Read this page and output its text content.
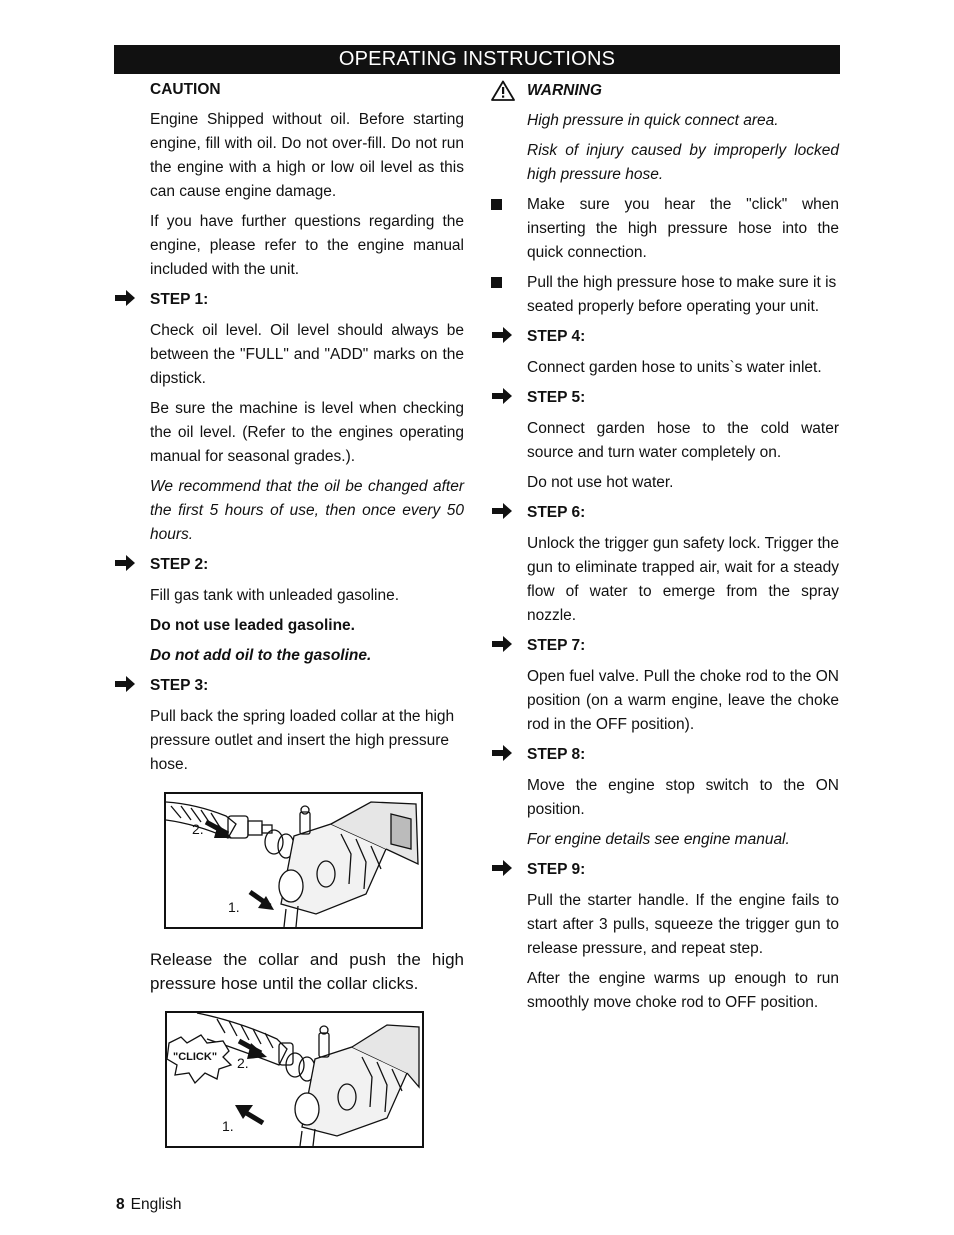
OPERATING INSTRUCTIONS

CAUTION

Engine Shipped without oil. Before starting engine, fill with oil. Do not over-fill. Do not run the engine with a high or low oil level as this can cause engine damage.

If you have further questions regarding the engine, please refer to the engine manual included with the unit.

STEP 1:

Check oil level. Oil level should always be between the "FULL" and "ADD" marks on the dipstick.

Be sure the machine is level when checking the oil level. (Refer to the engines operating manual for seasonal grades.).

We recommend that the oil be changed after the first 5 hours of use, then once every 50 hours.

STEP 2:

Fill gas tank with unleaded gasoline.

Do not use leaded gasoline.

Do not add oil to the gasoline.

STEP 3:

Pull back the spring loaded collar at the high pressure outlet and insert the high pressure hose.

2.
1.
Release the collar and push the high pressure hose until the collar clicks.
"CLICK" 2.
1.
WARNING

High pressure in quick connect area.

Risk of injury caused by improperly locked high pressure hose.

Make sure you hear the "click" when inserting the high pressure hose into the quick connection.
Pull the high pressure hose to make sure it is seated properly before operating your unit.
STEP 4:

Connect garden hose to units`s water inlet.

STEP 5:

Connect garden hose to the cold water source and turn water completely on.

Do not use hot water.

STEP 6:

Unlock the trigger gun safety lock. Trigger the gun to eliminate trapped air, wait for a steady flow of water to emerge from the spray nozzle.

STEP 7:

Open fuel valve. Pull the choke rod to the ON position (on a warm engine, leave the choke rod in the OFF position).

STEP 8:

Move the engine stop switch to the ON position.

For engine details see engine manual.

STEP 9:

Pull the starter handle. If the engine fails to start after 3 pulls, squeeze the trigger gun to release pressure, and repeat step.

After the engine warms up enough to run smoothly move choke rod to OFF position.

8 English
